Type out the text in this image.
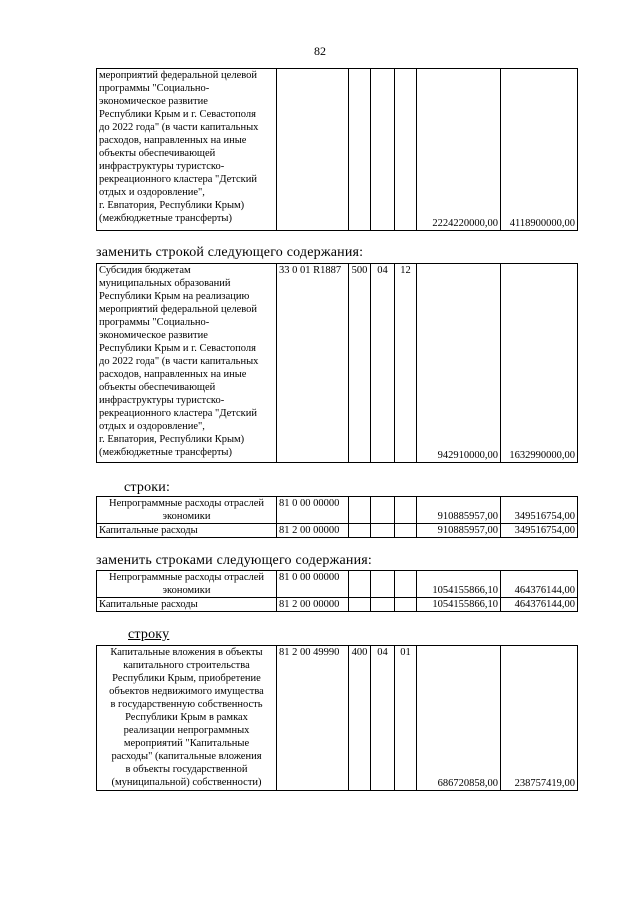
82
мероприятий федеральной целевой
программы "Социально-
экономическое развитие
Республики Крым и г. Севастополя
до 2022 года" (в части капитальных
расходов, направленных на иные
объекты обеспечивающей
инфраструктуры туристско-
рекреационного кластера "Детский
отдых и оздоровление",
г. Евпатория, Республики Крым)
(межбюджетные трансферты)					2224220000,00	4118900000,00
заменить строкой следующего содержания:
Субсидия бюджетам
муниципальных образований
Республики Крым на реализацию
мероприятий федеральной целевой
программы "Социально-
экономическое развитие
Республики Крым и г. Севастополя
до 2022 года" (в части капитальных
расходов, направленных на иные
объекты обеспечивающей
инфраструктуры туристско-
рекреационного кластера "Детский
отдых и оздоровление",
г. Евпатория, Республики Крым)
(межбюджетные трансферты)	33 0 01 R1887	500	04	12	942910000,00	1632990000,00
строки:
Непрограммные расходы отраслей
экономики	81 0 00 00000				910885957,00	349516754,00
Капитальные расходы	81 2 00 00000				910885957,00	349516754,00
заменить строками следующего содержания:
Непрограммные расходы отраслей
экономики	81 0 00 00000				1054155866,10	464376144,00
Капитальные расходы	81 2 00 00000				1054155866,10	464376144,00
строку
Капитальные вложения в объекты
капитального строительства
Республики Крым, приобретение
объектов недвижимого имущества
в государственную собственность
Республики Крым в рамках
реализации непрограммных
мероприятий "Капитальные
расходы" (капитальные вложения
в объекты государственной
(муниципальной) собственности)	81 2 00 49990	400	04	01	686720858,00	238757419,00
